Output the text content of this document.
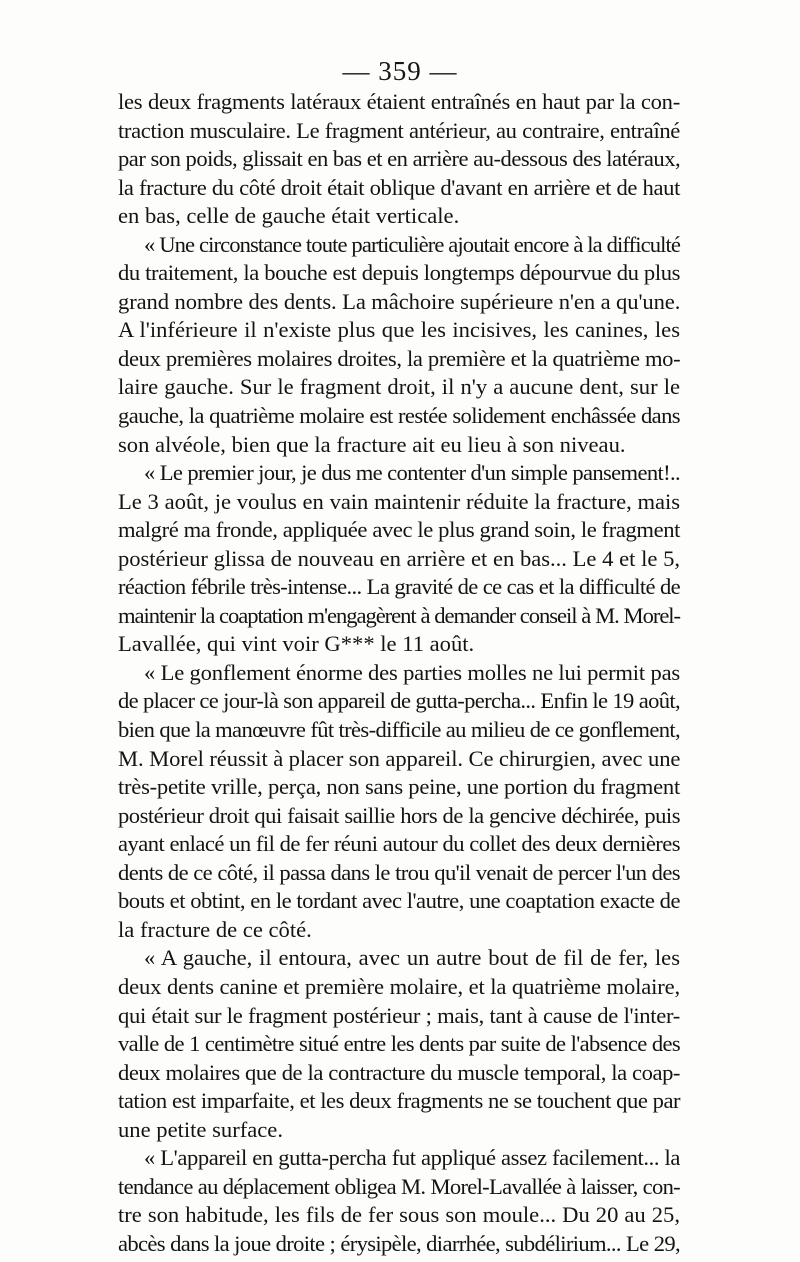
— 359 —
les deux fragments latéraux étaient entraînés en haut par la con-
traction musculaire. Le fragment antérieur, au contraire, entraîné
par son poids, glissait en bas et en arrière au-dessous des latéraux,
la fracture du côté droit était oblique d'avant en arrière et de haut
en bas, celle de gauche était verticale.
« Une circonstance toute particulière ajoutait encore à la difficulté
du traitement, la bouche est depuis longtemps dépourvue du plus
grand nombre des dents. La mâchoire supérieure n'en a qu'une.
A l'inférieure il n'existe plus que les incisives, les canines, les
deux premières molaires droites, la première et la quatrième mo-
laire gauche. Sur le fragment droit, il n'y a aucune dent, sur le
gauche, la quatrième molaire est restée solidement enchâssée dans
son alvéole, bien que la fracture ait eu lieu à son niveau.
« Le premier jour, je dus me contenter d'un simple pansement!..
Le 3 août, je voulus en vain maintenir réduite la fracture, mais
malgré ma fronde, appliquée avec le plus grand soin, le fragment
postérieur glissa de nouveau en arrière et en bas... Le 4 et le 5,
réaction fébrile très-intense... La gravité de ce cas et la difficulté de
maintenir la coaptation m'engagèrent à demander conseil à M. Morel-
Lavallée, qui vint voir G*** le 11 août.
« Le gonflement énorme des parties molles ne lui permit pas
de placer ce jour-là son appareil de gutta-percha... Enfin le 19 août,
bien que la manœuvre fût très-difficile au milieu de ce gonflement,
M. Morel réussit à placer son appareil. Ce chirurgien, avec une
très-petite vrille, perça, non sans peine, une portion du fragment
postérieur droit qui faisait saillie hors de la gencive déchirée, puis
ayant enlacé un fil de fer réuni autour du collet des deux dernières
dents de ce côté, il passa dans le trou qu'il venait de percer l'un des
bouts et obtint, en le tordant avec l'autre, une coaptation exacte de
la fracture de ce côté.
« A gauche, il entoura, avec un autre bout de fil de fer, les
deux dents canine et première molaire, et la quatrième molaire,
qui était sur le fragment postérieur ; mais, tant à cause de l'inter-
valle de 1 centimètre situé entre les dents par suite de l'absence des
deux molaires que de la contracture du muscle temporal, la coap-
tation est imparfaite, et les deux fragments ne se touchent que par
une petite surface.
« L'appareil en gutta-percha fut appliqué assez facilement... la
tendance au déplacement obligea M. Morel-Lavallée à laisser, con-
tre son habitude, les fils de fer sous son moule... Du 20 au 25,
abcès dans la joue droite ; érysipèle, diarrhée, subdélirium... Le 29,
